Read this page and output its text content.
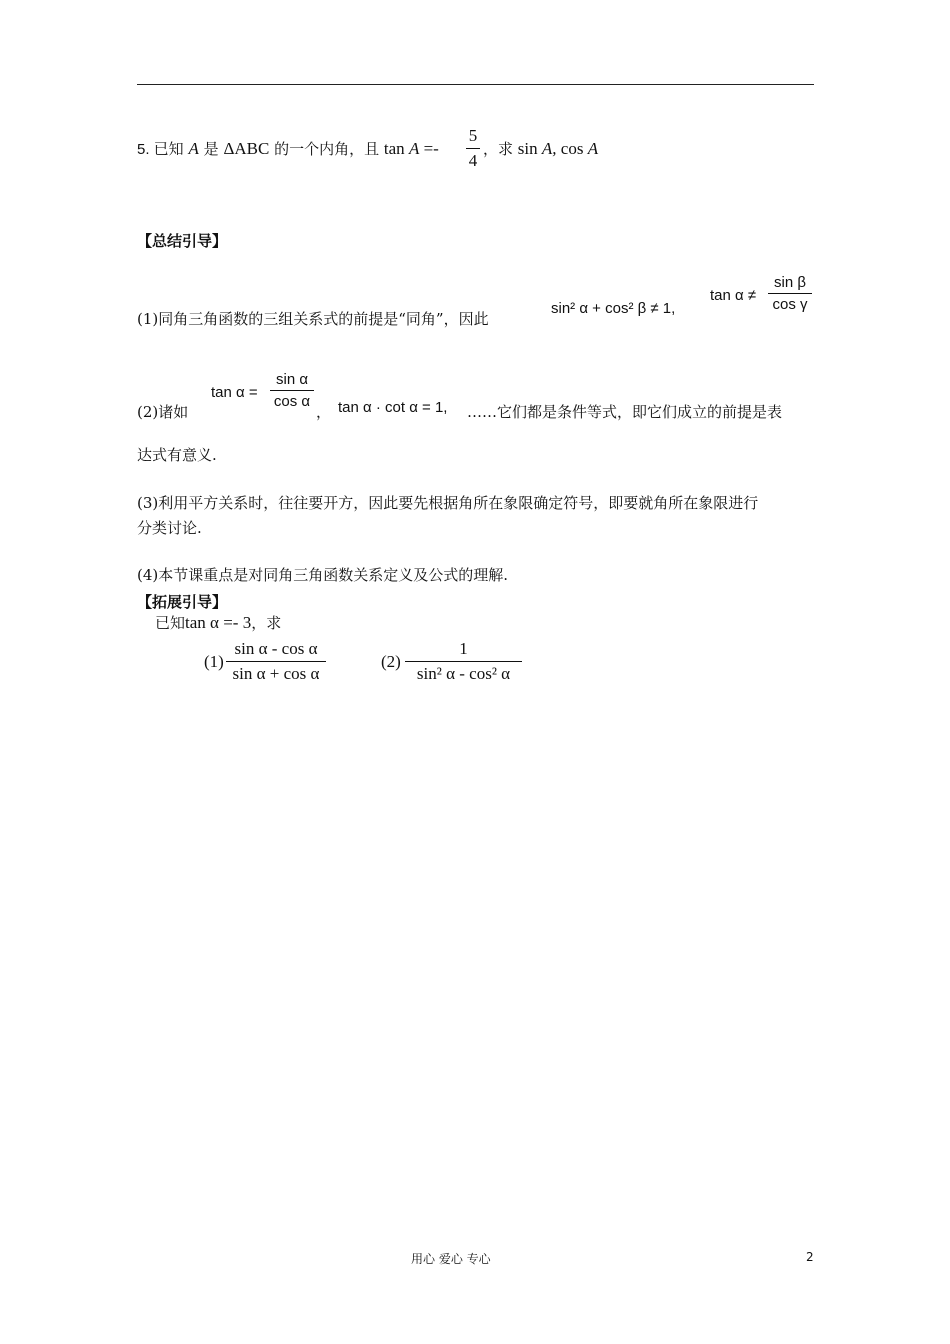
5. 已知 A 是 ΔABC 的一个内角，且 tan A =-
5
4
，求 sin A, cos A
【总结引导】
(1)同角三角函数的三组关系式的前提是“同角”，因此
sin² α + cos² β ≠ 1,
tan α ≠
sin β
cos γ
(2)诸如
tan α =
sin α
cos α
， tan α · cot α = 1, ……它们都是条件等式，即它们成立的前提是表
达式有意义.
(3)利用平方关系时，往往要开方，因此要先根据角所在象限确定符号，即要就角所在象限进行
分类讨论.
(4)本节课重点是对同角三角函数关系定义及公式的理解.
【拓展引导】
已知tan α =- 3，求
(1)
sin α - cos α
sin α + cos α
(2)
1
sin² α - cos² α
用心 爱心 专心	2
